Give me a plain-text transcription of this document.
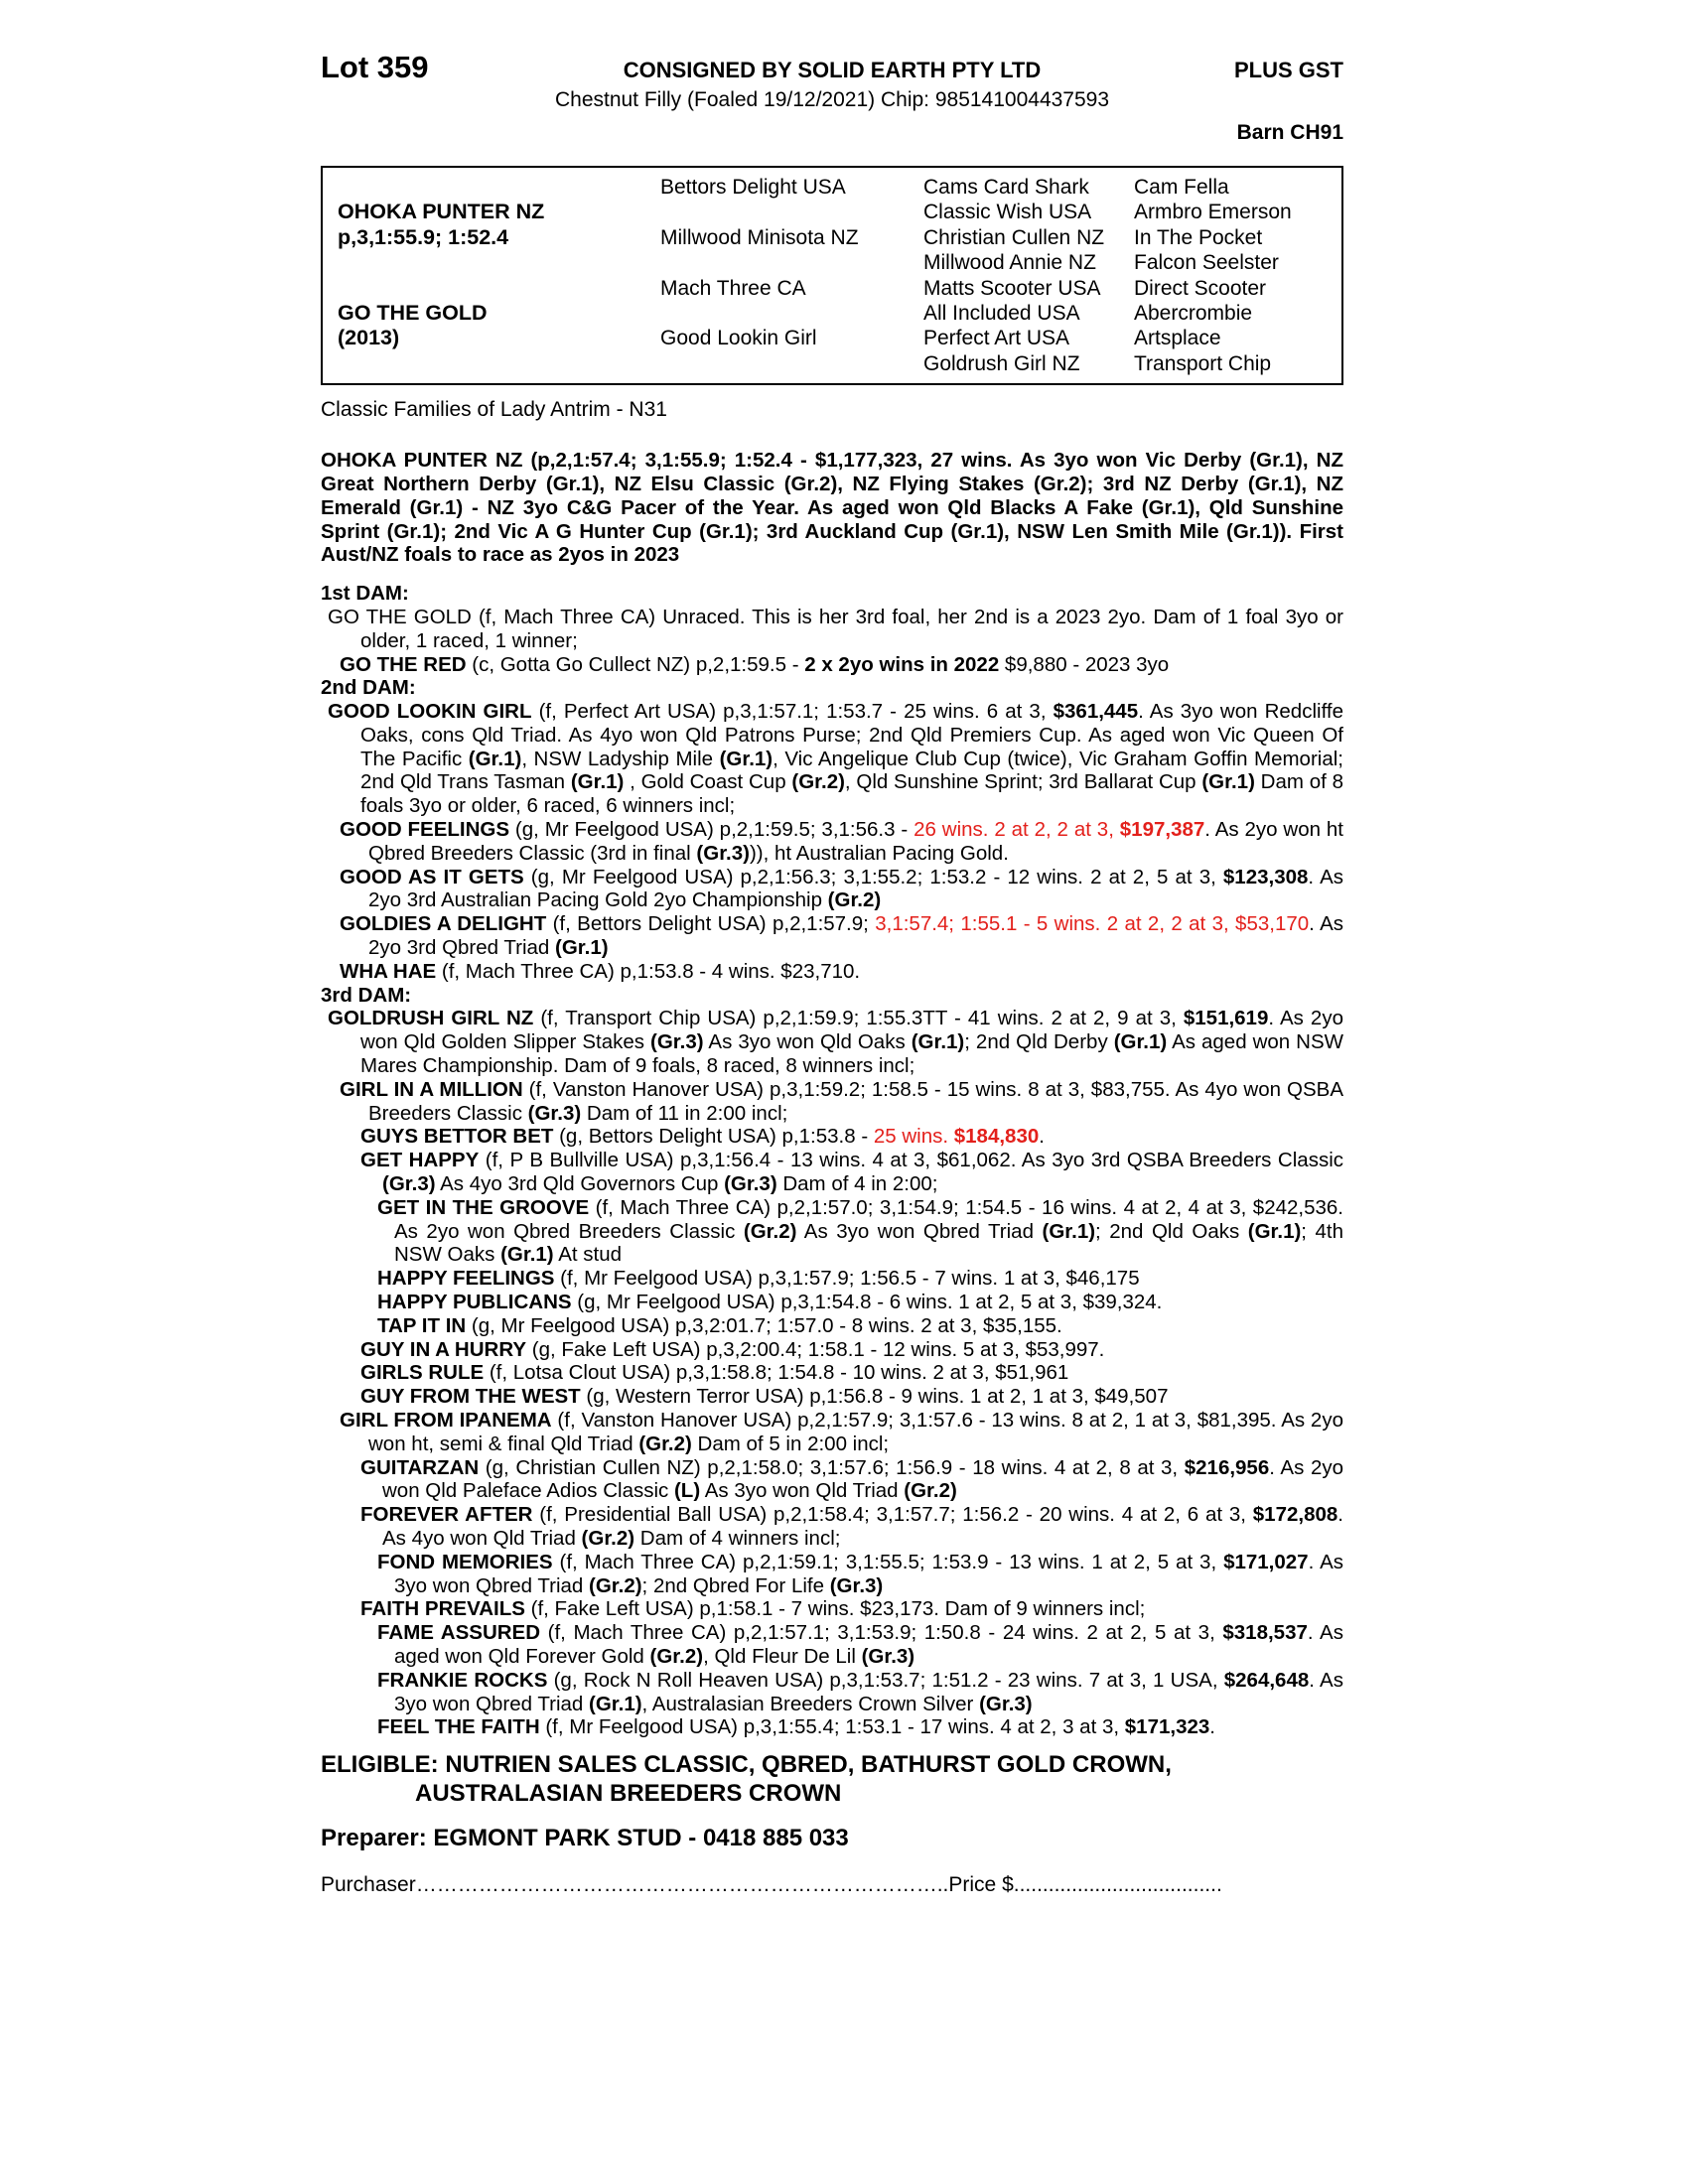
Lot 359	CONSIGNED BY SOLID EARTH PTY LTD	PLUS GST
Chestnut Filly (Foaled 19/12/2021) Chip: 985141004437593
Barn CH91
OHOKA PUNTER NZ
p,3,1:55.9; 1:52.4
GO THE GOLD
(2013)
Bettors Delight USA
Millwood Minisota NZ
Mach Three CA
Good Lookin Girl
Cams Card Shark
Classic Wish USA
Christian Cullen NZ
Millwood Annie NZ
Matts Scooter USA
All Included USA
Perfect Art USA
Goldrush Girl NZ
Cam Fella
Armbro Emerson
In The Pocket
Falcon Seelster
Direct Scooter
Abercrombie
Artsplace
Transport Chip
Classic Families of Lady Antrim - N31

OHOKA PUNTER NZ (p,2,1:57.4; 3,1:55.9; 1:52.4 - $1,177,323, 27 wins. As 3yo won Vic Derby (Gr.1), NZ Great Northern Derby (Gr.1), NZ Elsu Classic (Gr.2), NZ Flying Stakes (Gr.2); 3rd NZ Derby (Gr.1), NZ Emerald (Gr.1) - NZ 3yo C&G Pacer of the Year. As aged won Qld Blacks A Fake (Gr.1), Qld Sunshine Sprint (Gr.1); 2nd Vic A G Hunter Cup (Gr.1); 3rd Auckland Cup (Gr.1), NSW Len Smith Mile (Gr.1)). First Aust/NZ foals to race as 2yos in 2023

1st DAM:

GO THE GOLD (f, Mach Three CA) Unraced. This is her 3rd foal, her 2nd is a 2023 2yo. Dam of 1 foal 3yo or older, 1 raced, 1 winner;

GO THE RED (c, Gotta Go Cullect NZ) p,2,1:59.5 - 2 x 2yo wins in 2022 $9,880 - 2023 3yo

2nd DAM:

GOOD LOOKIN GIRL (f, Perfect Art USA) p,3,1:57.1; 1:53.7 - 25 wins. 6 at 3, $361,445. As 3yo won Redcliffe Oaks, cons Qld Triad. As 4yo won Qld Patrons Purse; 2nd Qld Premiers Cup. As aged won Vic Queen Of The Pacific (Gr.1), NSW Ladyship Mile (Gr.1), Vic Angelique Club Cup (twice), Vic Graham Goffin Memorial; 2nd Qld Trans Tasman (Gr.1) , Gold Coast Cup (Gr.2), Qld Sunshine Sprint; 3rd Ballarat Cup (Gr.1) Dam of 8 foals 3yo or older, 6 raced, 6 winners incl;

GOOD FEELINGS (g, Mr Feelgood USA) p,2,1:59.5; 3,1:56.3 - 26 wins. 2 at 2, 2 at 3, $197,387. As 2yo won ht Qbred Breeders Classic (3rd in final (Gr.3))), ht Australian Pacing Gold.

GOOD AS IT GETS (g, Mr Feelgood USA) p,2,1:56.3; 3,1:55.2; 1:53.2 - 12 wins. 2 at 2, 5 at 3, $123,308. As 2yo 3rd Australian Pacing Gold 2yo Championship (Gr.2)

GOLDIES A DELIGHT (f, Bettors Delight USA) p,2,1:57.9; 3,1:57.4; 1:55.1 - 5 wins. 2 at 2, 2 at 3, $53,170. As 2yo 3rd Qbred Triad (Gr.1)

WHA HAE (f, Mach Three CA) p,1:53.8 - 4 wins. $23,710.

3rd DAM:

GOLDRUSH GIRL NZ (f, Transport Chip USA) p,2,1:59.9; 1:55.3TT - 41 wins. 2 at 2, 9 at 3, $151,619. As 2yo won Qld Golden Slipper Stakes (Gr.3) As 3yo won Qld Oaks (Gr.1); 2nd Qld Derby (Gr.1) As aged won NSW Mares Championship. Dam of 9 foals, 8 raced, 8 winners incl;

GIRL IN A MILLION (f, Vanston Hanover USA) p,3,1:59.2; 1:58.5 - 15 wins. 8 at 3, $83,755. As 4yo won QSBA Breeders Classic (Gr.3) Dam of 11 in 2:00 incl;

GUYS BETTOR BET (g, Bettors Delight USA) p,1:53.8 - 25 wins. $184,830.

GET HAPPY (f, P B Bullville USA) p,3,1:56.4 - 13 wins. 4 at 3, $61,062. As 3yo 3rd QSBA Breeders Classic (Gr.3) As 4yo 3rd Qld Governors Cup (Gr.3) Dam of 4 in 2:00;

GET IN THE GROOVE (f, Mach Three CA) p,2,1:57.0; 3,1:54.9; 1:54.5 - 16 wins. 4 at 2, 4 at 3, $242,536. As 2yo won Qbred Breeders Classic (Gr.2) As 3yo won Qbred Triad (Gr.1); 2nd Qld Oaks (Gr.1); 4th NSW Oaks (Gr.1) At stud

HAPPY FEELINGS (f, Mr Feelgood USA) p,3,1:57.9; 1:56.5 - 7 wins. 1 at 3, $46,175

HAPPY PUBLICANS (g, Mr Feelgood USA) p,3,1:54.8 - 6 wins. 1 at 2, 5 at 3, $39,324.

TAP IT IN (g, Mr Feelgood USA) p,3,2:01.7; 1:57.0 - 8 wins. 2 at 3, $35,155.

GUY IN A HURRY (g, Fake Left USA) p,3,2:00.4; 1:58.1 - 12 wins. 5 at 3, $53,997.

GIRLS RULE (f, Lotsa Clout USA) p,3,1:58.8; 1:54.8 - 10 wins. 2 at 3, $51,961

GUY FROM THE WEST (g, Western Terror USA) p,1:56.8 - 9 wins. 1 at 2, 1 at 3, $49,507

GIRL FROM IPANEMA (f, Vanston Hanover USA) p,2,1:57.9; 3,1:57.6 - 13 wins. 8 at 2, 1 at 3, $81,395. As 2yo won ht, semi & final Qld Triad (Gr.2) Dam of 5 in 2:00 incl;

GUITARZAN (g, Christian Cullen NZ) p,2,1:58.0; 3,1:57.6; 1:56.9 - 18 wins. 4 at 2, 8 at 3, $216,956. As 2yo won Qld Paleface Adios Classic (L) As 3yo won Qld Triad (Gr.2)

FOREVER AFTER (f, Presidential Ball USA) p,2,1:58.4; 3,1:57.7; 1:56.2 - 20 wins. 4 at 2, 6 at 3, $172,808. As 4yo won Qld Triad (Gr.2) Dam of 4 winners incl;

FOND MEMORIES (f, Mach Three CA) p,2,1:59.1; 3,1:55.5; 1:53.9 - 13 wins. 1 at 2, 5 at 3, $171,027. As 3yo won Qbred Triad (Gr.2); 2nd Qbred For Life (Gr.3)

FAITH PREVAILS (f, Fake Left USA) p,1:58.1 - 7 wins. $23,173. Dam of 9 winners incl;

FAME ASSURED (f, Mach Three CA) p,2,1:57.1; 3,1:53.9; 1:50.8 - 24 wins. 2 at 2, 5 at 3, $318,537. As aged won Qld Forever Gold (Gr.2), Qld Fleur De Lil (Gr.3)

FRANKIE ROCKS (g, Rock N Roll Heaven USA) p,3,1:53.7; 1:51.2 - 23 wins. 7 at 3, 1 USA, $264,648. As 3yo won Qbred Triad (Gr.1), Australasian Breeders Crown Silver (Gr.3)

FEEL THE FAITH (f, Mr Feelgood USA) p,3,1:55.4; 1:53.1 - 17 wins. 4 at 2, 3 at 3, $171,323.

ELIGIBLE: NUTRIEN SALES CLASSIC, QBRED, BATHURST GOLD CROWN,
AUSTRALASIAN BREEDERS CROWN
Preparer: EGMONT PARK STUD - 0418 885 033
Purchaser…………………………………………………………………..Price $....................................
